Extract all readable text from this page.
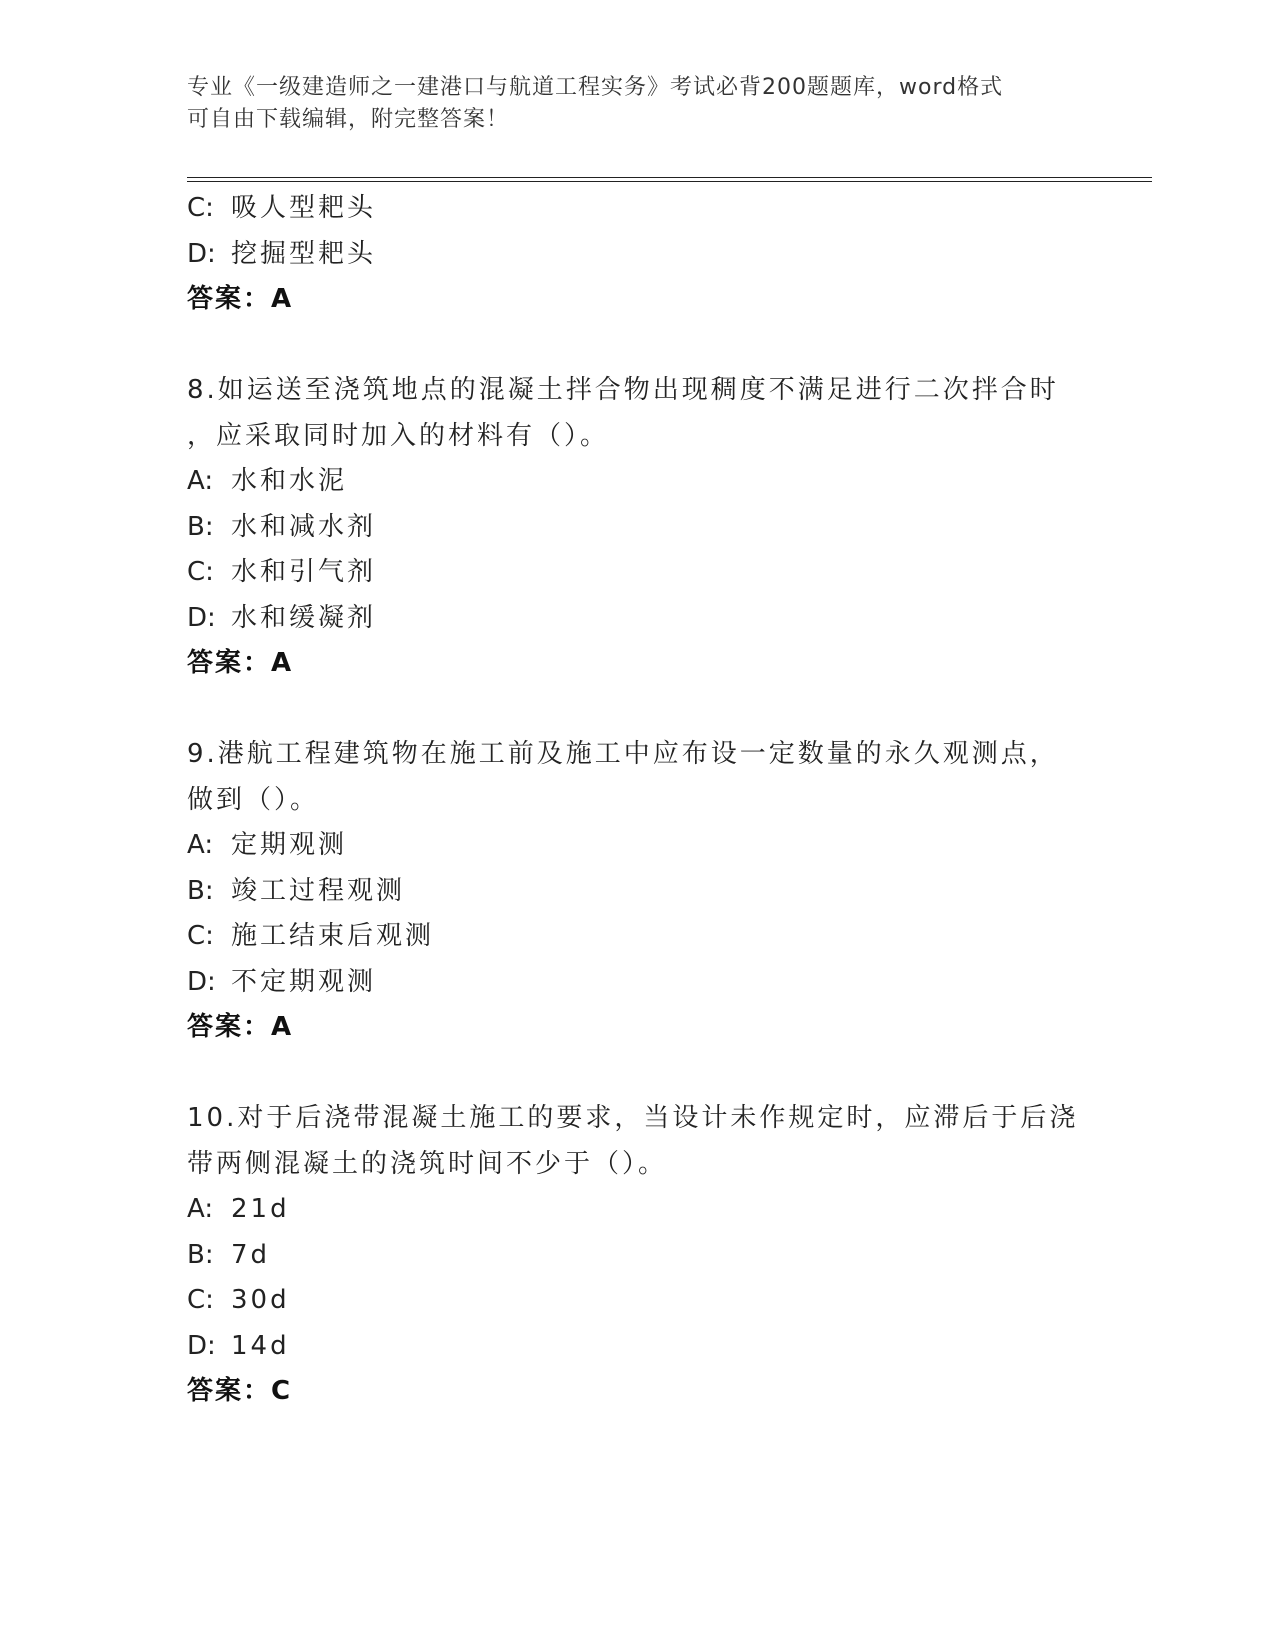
专业《一级建造师之一建港口与航道工程实务》考试必背200题题库，word格式
可自由下载编辑，附完整答案！
C: 吸人型耙头
D: 挖掘型耙头
答案：A
8.如运送至浇筑地点的混凝土拌合物出现稠度不满足进行二次拌合时
，应采取同时加入的材料有（）。
A: 水和水泥
B: 水和减水剂
C: 水和引气剂
D: 水和缓凝剂
答案：A
9.港航工程建筑物在施工前及施工中应布设一定数量的永久观测点，
做到（）。
A: 定期观测
B: 竣工过程观测
C: 施工结束后观测
D: 不定期观测
答案：A
10.对于后浇带混凝土施工的要求，当设计未作规定时，应滞后于后浇
带两侧混凝土的浇筑时间不少于（）。
A: 21d
B: 7d
C: 30d
D: 14d
答案：C
